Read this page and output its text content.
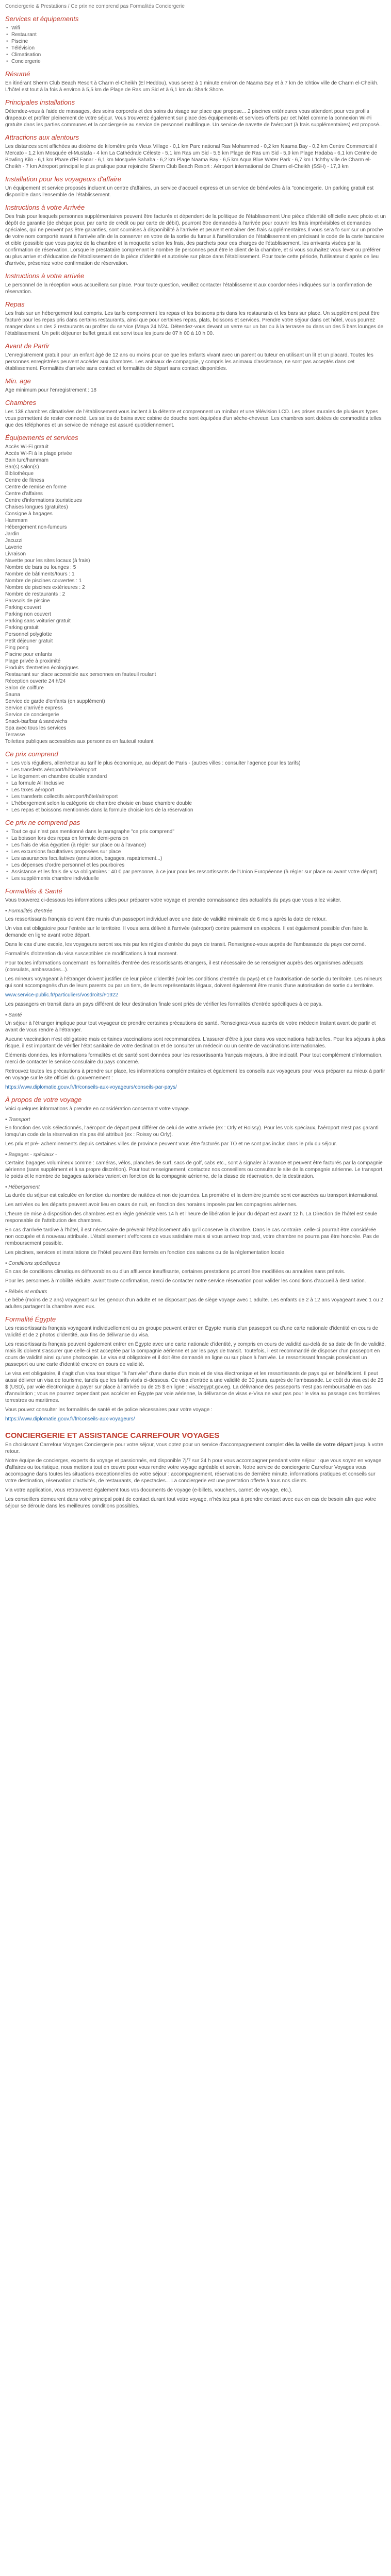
Conciergerie & Prestations / Ce prix ne comprend pas Formalités Conciergerie
Services et équipements
• Wifi
• Restaurant
• Piscine
• Télévision
• Climatisation
• Conciergerie
Résumé

En itinérant Sherm Club Beach Resort à Charm el-Cheikh (El Heddou), vous serez à 1 minute environ de Naama Bay et à 7 km de Ichtiov ville de Charm el-Cheikh. L'hôtel est tout à la fois à environ à 5,5 km de Plage de Ras um Sid et à 6,1 km du Shark Shore.

Principales installations

Détendez-vous à l'aide de massages, des soins corporels et des soins du visage sur place que propose... 2 piscines extérieures vous attendent pour vos profils drapeaux et profiter pleinement de votre séjour. Vous trouverez également sur place des équipements et services offerts par cet hôtel comme la connexion Wi-Fi gratuite dans les parties communes et la conciergerie au service de personnel multilingue. Un service de navette de l'aéroport (à frais supplémentaires) est proposé..

Attractions aux alentours

Les distances sont affichées au dixième de kilomètre près Vieux Village - 0,1 km Parc national Ras Mohammed - 0,2 km Naama Bay - 0,2 km Centre Commercial il Mercato - 1,2 km Mosquée el-Mustafa - 4 km La Cathédrale Céleste - 5,1 km Ras um Sid - 5,5 km Plage de Ras um Sid - 5,9 km Plage Hadaba - 6,1 km Centre de Bowling Kilo - 6,1 km Phare d'El Fanar - 6,1 km Mosquée Sahaba - 6,2 km Plage Naama Bay - 6,5 km Aqua Blue Water Park - 6,7 km L'Ichthy ville de Charm el-Cheikh - 7 km Aéroport principal le plus pratique pour rejoindre Sherm Club Beach Resort : Aéroport international de Charm el-Cheikh (SSH) - 17,3 km

Installation pour les voyageurs d'affaire

Un équipement et service proposés incluent un centre d'affaires, un service d'accueil express et un service de bénévoles à la "conciergerie. Un parking gratuit est disponible dans l'ensemble de l'établissement.

Instructions à votre Arrivée

Des frais pour lesquels personnes supplémentaires peuvent être facturés et dépendent de la politique de l'établissement Une pièce d'identité officielle avec photo et un dépôt de garantie (de chèque pour, par carte de crédit ou par carte de débit), pourront être demandés à l'arrivée pour couvrir les frais imprévisibles et demandes spéciales, qui ne peuvent pas être garanties, sont soumises à disponibilité à l'arrivée et peuvent entraîner des frais supplémentaires.Il vous sera fo surr sur un proche de votre nom comporté avant à l'arrivée afin de la conserver en votre de la sortie du fureur à l'amélioration de l'établissement en précisant le code de la carte bancaire et cible (possible que vous payiez de la chambre et la moquette selon les frais, des parchets pour ces charges de l'établissement, les arrivants visées par la confirmation de réservation. Lorsque le prestataire comprenant le nombre de personnes peut être le client de la chambre, et si vous souhaitez vous lever ou préférer ou plus arrive et d'éducation de l'établissement de la pièce d'identité et autorisée sur place dans l'établissement. Pour toute cette période, l'utilisateur d'après ce lieu d'arrivée, présentez votre confirmation de réservation.

Instructions à votre arrivée

Le personnel de la réception vous accueillera sur place. Pour toute question, veuillez contacter l'établissement aux coordonnées indiquées sur la confirmation de réservation.

Repas

Les frais sur un hébergement tout compris. Les tarifs comprennent les repas et les boissons pris dans les restaurants et les bars sur place. Un supplément peut être facturé pour les repas pris dans certains restaurants, ainsi que pour certaines repas, plats, boissons et services. Prendre votre séjour dans cet hôtel, vous pourrez manger dans un des 2 restaurants ou profiter du service (Maya 24 h/24. Détendez-vous devant un verre sur un bar ou à la terrasse ou dans un des 5 bars lounges de l'établissement. Un petit déjeuner buffet gratuit est servi tous les jours de 07 h 00 à 10 h 00.

Avant de Partir

L'enregistrement gratuit pour un enfant âgé de 12 ans ou moins pour ce que les enfants vivant avec un parent ou tuteur en utilisant un lit et un placard. Toutes les personnes enregistrées peuvent accéder aux chambres. Les animaux de compagnie, y compris les animaux d'assistance, ne sont pas acceptés dans cet établissement. Formalités d'arrivée sans contact et formalités de départ sans contact disponibles.

Min. age

Age minimum pour l'enregistrement : 18

Chambres

Les 138 chambres climatisées de l'établissement vous incitent à la détente et comprennent un minibar et une télévision LCD. Les prises murales de plusieurs types vous permettent de rester connecté. Les salles de bains avec cabine de douche sont équipées d'un sèche-cheveux. Les chambres sont dotées de commodités telles que des téléphones et un service de ménage est assuré quotidiennement.

Équipements et services
Accès Wi-Fi gratuit
Accès Wi-Fi à la plage privée
Bain turc/hammam
Bar(s) salon(s)
Bibliothèque
Centre de fitness
Centre de remise en forme
Centre d'affaires
Centre d'informations touristiques
Chaises longues (gratuites)
Consigne à bagages
Hammam
Hébergement non-fumeurs
Jardin
Jacuzzi
Laverie
Livraison
Navette pour les sites locaux (à frais)
Nombre de bars ou lounges : 5
Nombre de bâtiments/tours : 1
Nombre de piscines couvertes : 1
Nombre de piscines extérieures : 2
Nombre de restaurants : 2
Parasols de piscine
Parking couvert
Parking non couvert
Parking sans voiturier gratuit
Parking gratuit
Personnel polyglotte
Petit déjeuner gratuit
Ping pong
Piscine pour enfants
Plage privée à proximité
Produits d'entretien écologiques
Restaurant sur place accessible aux personnes en fauteuil roulant
Réception ouverte 24 h/24
Salon de coiffure
Sauna
Service de garde d'enfants (en supplément)
Service d'arrivée express
Service de conciergerie
Snack-bar/bar à sandwichs
Spa avec tous les services
Terrasse
Toilettes publiques accessibles aux personnes en fauteuil roulant
Ce prix comprend
• Les vols réguliers, aller/retour au tarif le plus économique, au départ de Paris - (autres villes : consulter l'agence pour les tarifs)
• Les transferts aéroport/hôtel/aéroport
• Le logement en chambre double standard
• La formule All Inclusive
• Les taxes aéroport
• Les transferts collectifs aéroport/hôtel/aéroport
• L'hébergement selon la catégorie de chambre choisie en base chambre double
• Les repas et boissons mentionnés dans la formule choisie lors de la réservation
Ce prix ne comprend pas
• Tout ce qui n'est pas mentionné dans le paragraphe "ce prix comprend"
• La boisson lors des repas en formule demi-pension
• Les frais de visa égyptien (à régler sur place ou à l'avance)
• Les excursions facultatives proposées sur place
• Les assurances facultatives (annulation, bagages, rapatriement...)
• Les dépenses d'ordre personnel et les pourboires
• Assistance et les frais de visa obligatoires : 40 € par personne, à ce jour pour les ressortissants de l'Union Européenne (à régler sur place ou avant votre départ)
• Les suppléments chambre individuelle
Formalités & Santé

Vous trouverez ci-dessous les informations utiles pour préparer votre voyage et prendre connaissance des actualités du pays que vous allez visiter.

• Formalités d'entrée

Les ressortissants français doivent être munis d'un passeport individuel avec une date de validité minimale de 6 mois après la date de retour.

Un visa est obligatoire pour l'entrée sur le territoire. Il vous sera délivré à l'arrivée (aéroport) contre paiement en espèces. Il est également possible d'en faire la demande en ligne avant votre départ.

Dans le cas d'une escale, les voyageurs seront soumis par les règles d'entrée du pays de transit. Renseignez-vous auprès de l'ambassade du pays concerné.

Formalités d'obtention du visa susceptibles de modifications à tout moment.

Pour toutes informations concernant les formalités d'entrée des ressortissants étrangers, il est nécessaire de se renseigner auprès des organismes adéquats (consulats, ambassades...).

Les mineurs voyageant à l'étranger doivent justifier de leur pièce d'identité (voir les conditions d'entrée du pays) et de l'autorisation de sortie du territoire. Les mineurs qui sont accompagnés d'un de leurs parents ou par un tiers, de leurs représentants légaux, doivent également être munis d'une autorisation de sortie du territoire.

www.service-public.fr/particuliers/vosdroits/F1922

Les passagers en transit dans un pays différent de leur destination finale sont priés de vérifier les formalités d'entrée spécifiques à ce pays.

• Santé

Un séjour à l'étranger implique pour tout voyageur de prendre certaines précautions de santé. Renseignez-vous auprès de votre médecin traitant avant de partir et avant de vous rendre à l'étranger.

Aucune vaccination n'est obligatoire mais certaines vaccinations sont recommandées. L'assurer d'être à jour dans vos vaccinations habituelles. Pour les séjours à plus risque, il est important de vérifier l'état sanitaire de votre destination et de consulter un médecin ou un centre de vaccinations internationales.

Éléments données, les informations formalités et de santé sont données pour les ressortissants français majeurs, à titre indicatif. Pour tout complément d'information, merci de contacter le service consulaire du pays concerné.

Retrouvez toutes les précautions à prendre sur place, les informations complémentaires et également les conseils aux voyageurs pour vous préparer au mieux à partir en voyage sur le site officiel du gouvernement :

https://www.diplomatie.gouv.fr/fr/conseils-aux-voyageurs/conseils-par-pays/

À propos de votre voyage

Voici quelques informations à prendre en considération concernant votre voyage.

• Transport

En fonction des vols sélectionnés, l'aéroport de départ peut différer de celui de votre arrivée (ex : Orly et Roissy). Pour les vols spéciaux, l'aéroport n'est pas garanti lorsqu'un code de la réservation n'a pas été attribué (ex : Roissy ou Orly).

Les prix et pré- acheminements depuis certaines villes de province peuvent vous être facturés par TO et ne sont pas inclus dans le prix du séjour.

• Bagages - spéciaux -

Certains bagages volumineux comme : caméras, vélos, planches de surf, sacs de golf, cabs etc., sont à signaler à l'avance et peuvent être facturés par la compagnie aérienne (sans supplément et à sa propre discrétion). Pour tout renseignement, contactez nos conseillers ou consultez le site de la compagnie aérienne. Le transport, le poids et le nombre de bagages autorisés varient en fonction de la compagnie aérienne, de la classe de réservation, de la destination.

• Hébergement

La durée du séjour est calculée en fonction du nombre de nuitées et non de journées. La première et la dernière journée sont consacrées au transport international.

Les arrivées ou les départs peuvent avoir lieu en cours de nuit, en fonction des horaires imposés par les compagnies aériennes.

L'heure de mise à disposition des chambres est en règle générale vers 14 h et l'heure de libération le jour du départ est avant 12 h. La Direction de l'hôtel est seule responsable de l'attribution des chambres.

En cas d'arrivée tardive à l'hôtel, il est nécessaire de prévenir l'établissement afin qu'il conserve la chambre. Dans le cas contraire, celle-ci pourrait être considérée non occupée et à nouveau attribuée. L'établissement s'efforcera de vous satisfaire mais si vous arrivez trop tard, votre chambre ne pourra pas être honorée. Pas de remboursement possible.

Les piscines, services et installations de l'hôtel peuvent être fermés en fonction des saisons ou de la réglementation locale.

• Conditions spécifiques

En cas de conditions climatiques défavorables ou d'un affluence insuffisante, certaines prestations pourront être modifiées ou annulées sans préavis.

Pour les personnes à mobilité réduite, avant toute confirmation, merci de contacter notre service réservation pour valider les conditions d'accueil à destination.

• Bébés et enfants

Le bébé (moins de 2 ans) voyageant sur les genoux d'un adulte et ne disposant pas de siège voyage avec 1 adulte. Les enfants de 2 à 12 ans voyageant avec 1 ou 2 adultes partagent la chambre avec eux.

Formalité Égypte

Les ressortissants français voyageant individuellement ou en groupe peuvent entrer en Égypte munis d'un passeport ou d'une carte nationale d'identité en cours de validité et de 2 photos d'identité, aux fins de délivrance du visa.

Les ressortissants français peuvent également entrer en Égypte avec une carte nationale d'identité, y compris en cours de validité au-delà de sa date de fin de validité, mais ils doivent s'assurer que celle-ci est acceptée par la compagnie aérienne et par les pays de transit. Toutefois, il est recommandé de disposer d'un passeport en cours de validité ainsi qu'une photocopie. Le visa est obligatoire et il doit être demandé en ligne ou sur place à l'arrivée. Le ressortissant français possédant un passeport ou une carte d'identité encore en cours de validité.

Le visa est obligatoire, il s'agit d'un visa touristique "à l'arrivée" d'une durée d'un mois et de visa électronique et les ressortissants de pays qui en bénéficient. Il peut aussi délivrer un visa de tourisme, tandis que les tarifs visés ci-dessous. Ce visa d'entrée a une validité de 30 jours, auprès de l'ambassade. Le coût du visa est de 25 $ (USD), par voie électronique à payer sur place à l'arrivée ou de 25 $ en ligne : visa2egypt.gov.eg. La délivrance des passeports n'est pas remboursable en cas d'annulation ; vous ne pourrez cependant pas accéder en Égypte par voie aérienne, la délivrance de visas e-Visa ne vaut pas pour le visa au passage des frontières terrestres ou maritimes.

Vous pouvez consulter les formalités de santé et de police nécessaires pour votre voyage :

https://www.diplomatie.gouv.fr/fr/conseils-aux-voyageurs/

CONCIERGERIE ET ASSISTANCE CARREFOUR VOYAGES

En choisissant Carrefour Voyages Conciergerie pour votre séjour, vous optez pour un service d'accompagnement complet dès la veille de votre départ jusqu'à votre retour.

Notre équipe de concierges, experts du voyage et passionnés, est disponible 7j/7 sur 24 h pour vous accompagner pendant votre séjour : que vous soyez en voyage d'affaires ou touristique, nous mettons tout en œuvre pour vous rendre votre voyage agréable et serein. Notre service de conciergerie Carrefour Voyages vous accompagne dans toutes les situations exceptionnelles de votre séjour : accompagnement, réservations de dernière minute, informations pratiques et conseils sur votre destination, réservation d'activités, de restaurants, de spectacles... La conciergerie est une prestation offerte à tous nos clients.

Via votre application, vous retrouverez également tous vos documents de voyage (e-billets, vouchers, carnet de voyage, etc.).

Les conseillers demeurent dans votre principal point de contact durant tout votre voyage, n'hésitez pas à prendre contact avec eux en cas de besoin afin que votre séjour se déroule dans les meilleures conditions possibles.
